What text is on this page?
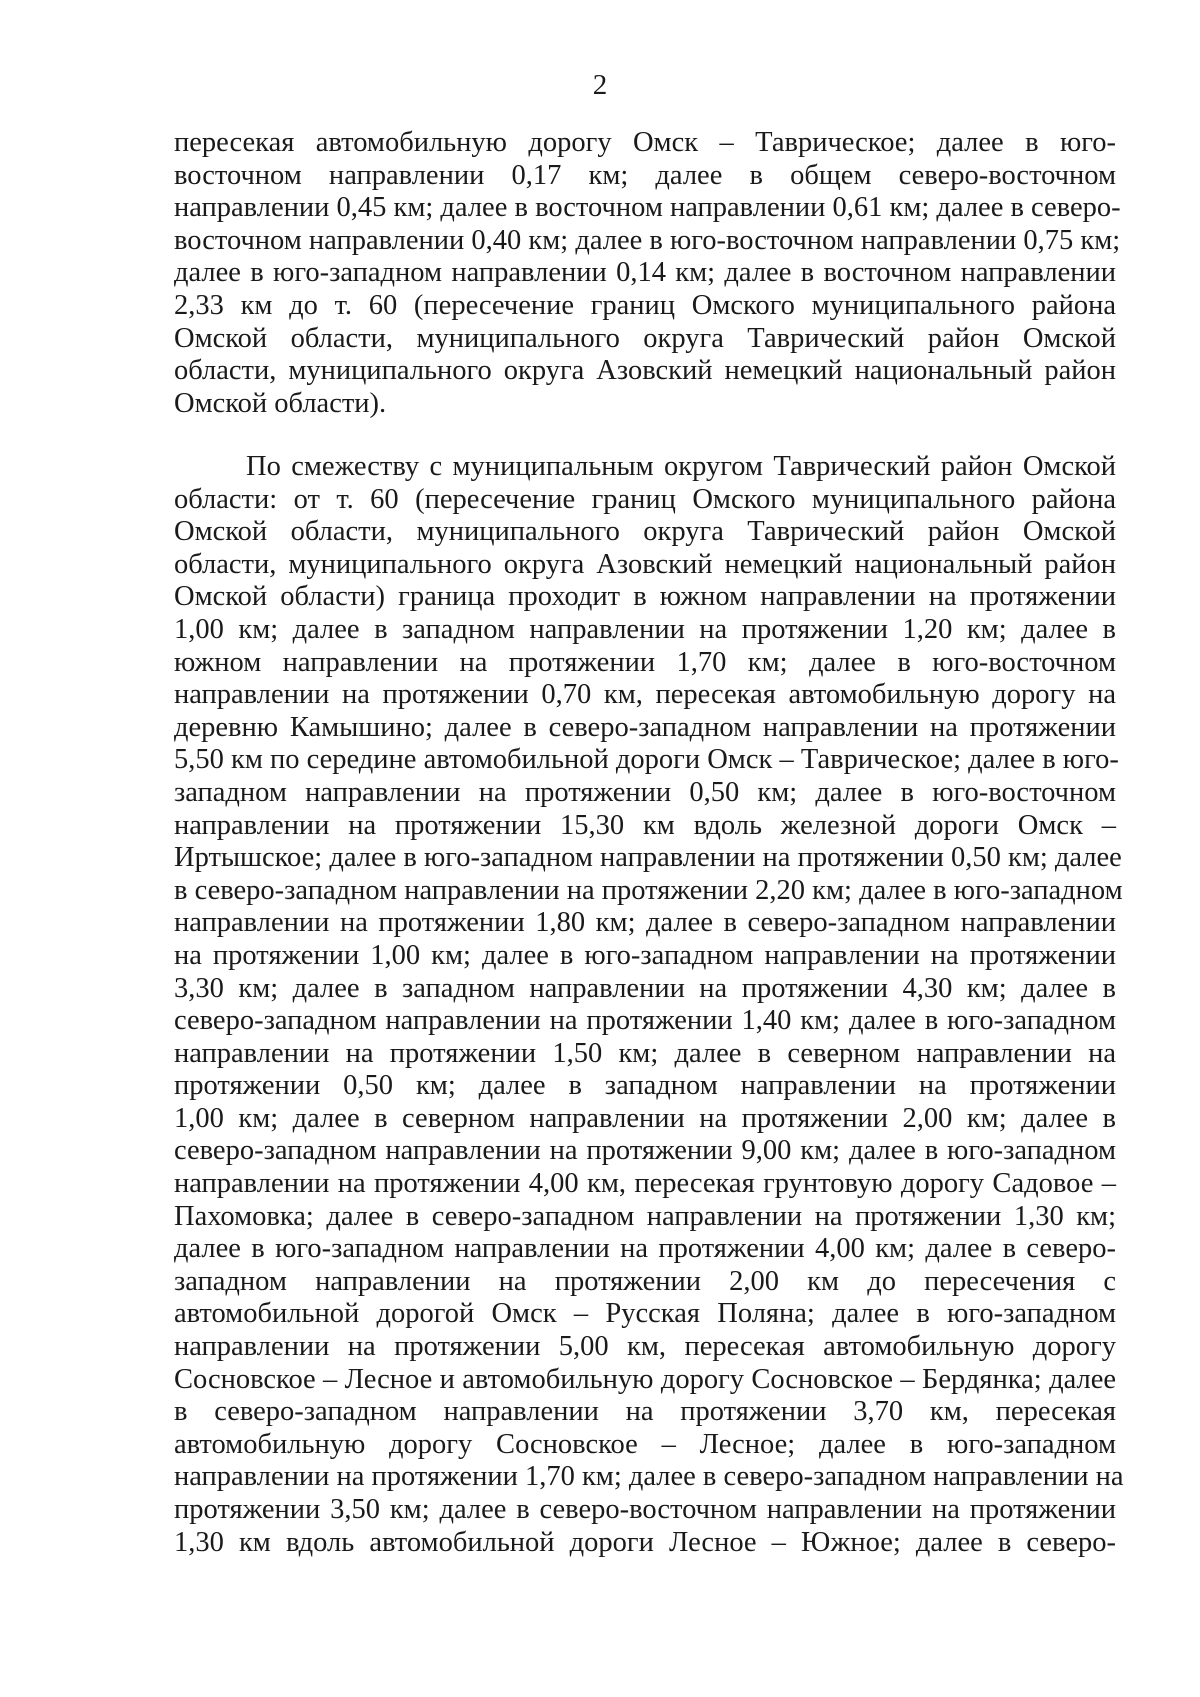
2
пересекая автомобильную дорогу Омск – Таврическое; далее в юго-
восточном направлении 0,17 км; далее в общем северо-восточном
направлении 0,45 км; далее в восточном направлении 0,61 км; далее в северо-
восточном направлении 0,40 км; далее в юго-восточном направлении 0,75 км;
далее в юго-западном направлении 0,14 км; далее в восточном направлении
2,33 км до т. 60 (пересечение границ Омского муниципального района
Омской области, муниципального округа Таврический район Омской
области, муниципального округа Азовский немецкий национальный район
Омской области).
По смежеству с муниципальным округом Таврический район Омской
области: от т. 60 (пересечение границ Омского муниципального района
Омской области, муниципального округа Таврический район Омской
области, муниципального округа Азовский немецкий национальный район
Омской области) граница проходит в южном направлении на протяжении
1,00 км; далее в западном направлении на протяжении 1,20 км; далее в
южном направлении на протяжении 1,70 км; далее в юго-восточном
направлении на протяжении 0,70 км, пересекая автомобильную дорогу на
деревню Камышино; далее в северо-западном направлении на протяжении
5,50 км по середине автомобильной дороги Омск – Таврическое; далее в юго-
западном направлении на протяжении 0,50 км; далее в юго-восточном
направлении на протяжении 15,30 км вдоль железной дороги Омск –
Иртышское; далее в юго-западном направлении на протяжении 0,50 км; далее
в северо-западном направлении на протяжении 2,20 км; далее в юго-западном
направлении на протяжении 1,80 км; далее в северо-западном направлении
на протяжении 1,00 км; далее в юго-западном направлении на протяжении
3,30 км; далее в западном направлении на протяжении 4,30 км; далее в
северо-западном направлении на протяжении 1,40 км; далее в юго-западном
направлении на протяжении 1,50 км; далее в северном направлении на
протяжении 0,50 км; далее в западном направлении на протяжении
1,00 км; далее в северном направлении на протяжении 2,00 км; далее в
северо-западном направлении на протяжении 9,00 км; далее в юго-западном
направлении на протяжении 4,00 км, пересекая грунтовую дорогу Садовое –
Пахомовка; далее в северо-западном направлении на протяжении 1,30 км;
далее в юго-западном направлении на протяжении 4,00 км; далее в северо-
западном направлении на протяжении 2,00 км до пересечения с
автомобильной дорогой Омск – Русская Поляна; далее в юго-западном
направлении на протяжении 5,00 км, пересекая автомобильную дорогу
Сосновское – Лесное и автомобильную дорогу Сосновское – Бердянка; далее
в северо-западном направлении на протяжении 3,70 км, пересекая
автомобильную дорогу Сосновское – Лесное; далее в юго-западном
направлении на протяжении 1,70 км; далее в северо-западном направлении на
протяжении 3,50 км; далее в северо-восточном направлении на протяжении
1,30 км вдоль автомобильной дороги Лесное – Южное; далее в северо-
